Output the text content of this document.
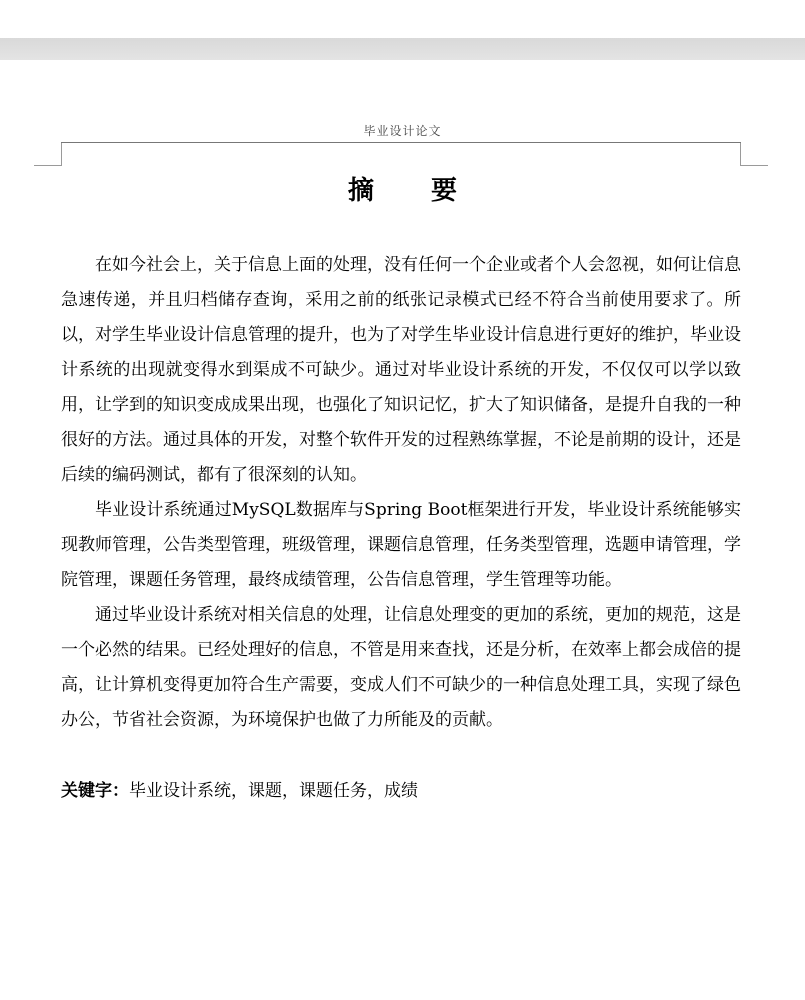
毕业设计论文
摘 要

在如今社会上，关于信息上面的处理，没有任何一个企业或者个人会忽视，如何让信息急速传递，并且归档储存查询，采用之前的纸张记录模式已经不符合当前使用要求了。所以，对学生毕业设计信息管理的提升，也为了对学生毕业设计信息进行更好的维护，毕业设计系统的出现就变得水到渠成不可缺少。通过对毕业设计系统的开发，不仅仅可以学以致用，让学到的知识变成成果出现，也强化了知识记忆，扩大了知识储备，是提升自我的一种很好的方法。通过具体的开发，对整个软件开发的过程熟练掌握，不论是前期的设计，还是后续的编码测试，都有了很深刻的认知。

毕业设计系统通过MySQL数据库与Spring Boot框架进行开发，毕业设计系统能够实现教师管理，公告类型管理，班级管理，课题信息管理，任务类型管理，选题申请管理，学院管理，课题任务管理，最终成绩管理，公告信息管理，学生管理等功能。

通过毕业设计系统对相关信息的处理，让信息处理变的更加的系统，更加的规范，这是一个必然的结果。已经处理好的信息，不管是用来查找，还是分析，在效率上都会成倍的提高，让计算机变得更加符合生产需要，变成人们不可缺少的一种信息处理工具，实现了绿色办公，节省社会资源，为环境保护也做了力所能及的贡献。

关键字：毕业设计系统，课题，课题任务，成绩
